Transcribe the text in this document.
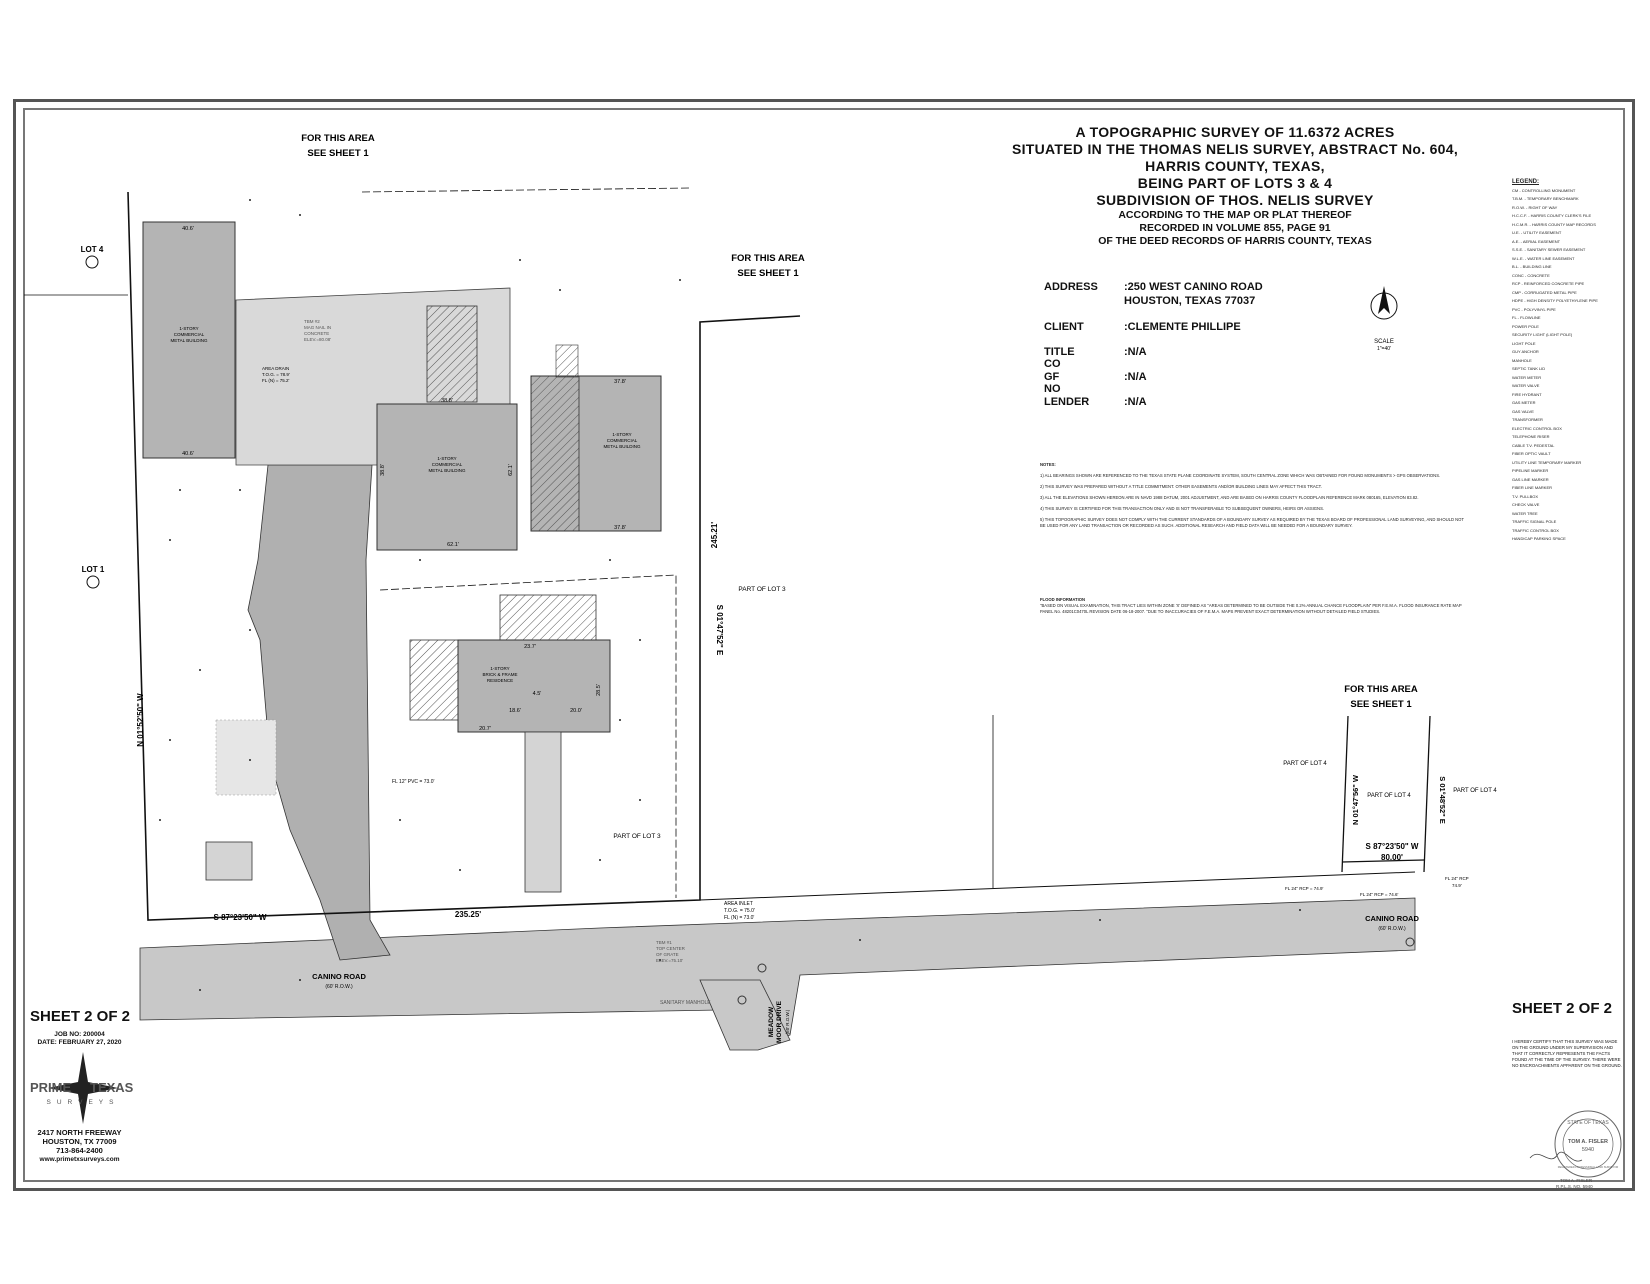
FOR THIS AREA
SEE SHEET 1
FOR THIS AREA
SEE SHEET 1
FOR THIS AREA
SEE SHEET 1
LOT 4
LOT 1
PART OF LOT 3
PART OF LOT 3
PART OF LOT 4
PART OF LOT 4
PART OF LOT 4
N 01°52'50" W
S 01°47'52" E
245.21'
S 87°23'50" W	235.25'
S 87°23'50" W
80.00'
N 01°47'56" W	S 01°48'52" E
CANINO ROAD
(60' R.O.W.)
CANINO ROAD
(60' R.O.W.)
MEADOW MOOR DRIVE (60' R.O.W.)
AREA INLET
T.O.G. = 75.0'
FL (N) = 73.0'
SANITARY MANHOLE
FL 12" PVC = 73.0'
FL 24" RCP = 74.9'
FL 24" RCP = 74.6'
FL 24" RCP
74.9'
AREA DRAIN
T.O.G. = 78.9'
FL (N) = 75.2'
TBM #2
MAG NAIL IN
CONCRETE
ELEV.=80.08'
TBM #1
TOP CENTER
OF GRATE
ELEV.=75.10'
1-STORY
COMMERCIAL
METAL BUILDING
1-STORY
COMMERCIAL
METAL BUILDING
1-STORY
COMMERCIAL
METAL BUILDING
1-STORY
BRICK & FRAME
RESIDENCE
40.6'
40.6'
38.8'
62.1'
37.8'
37.8'
23.7'
20.7'
18.6'
4.5'
20.0'
38.8'
28.5'
62.1'
SCALE
1"=40'
A TOPOGRAPHIC SURVEY OF 11.6372 ACRES
SITUATED IN THE THOMAS NELIS SURVEY, ABSTRACT No. 604,
HARRIS COUNTY, TEXAS,
BEING PART OF LOTS 3 & 4
SUBDIVISION OF THOS. NELIS SURVEY
ACCORDING TO THE MAP OR PLAT THEREOF
RECORDED IN VOLUME 855, PAGE 91
OF THE DEED RECORDS OF HARRIS COUNTY, TEXAS
ADDRESS :250 WEST CANINO ROAD
HOUSTON, TEXAS 77037
CLIENT	:CLEMENTE PHILLIPE
TITLE CO
:N/A
GF NO
:N/A
LENDER	:N/A

NOTES:

1) ALL BEARINGS SHOWN ARE REFERENCED TO THE TEXAS STATE PLANE COORDINATE SYSTEM, SOUTH CENTRAL ZONE WHICH WAS OBTAINED FOR FOUND MONUMENTS > GPS OBSERVATIONS.

2) THIS SURVEY WAS PREPARED WITHOUT A TITLE COMMITMENT. OTHER EASEMENTS AND/OR BUILDING LINES MAY AFFECT THIS TRACT.

3) ALL THE ELEVATIONS SHOWN HEREON ARE IN NAVD 1988 DATUM, 2001 ADJUSTMENT, AND ARE BASED ON HARRIS COUNTY FLOODPLAIN REFERENCE MARK 080165, ELEVATION 83.82.

4) THIS SURVEY IS CERTIFIED FOR THIS TRANSACTION ONLY AND IS NOT TRANSFERABLE TO SUBSEQUENT OWNERS, HEIRS OR ASSIGNS.

5) THIS TOPOGRAPHIC SURVEY DOES NOT COMPLY WITH THE CURRENT STANDARDS OF A BOUNDARY SURVEY AS REQUIRED BY THE TEXAS BOARD OF PROFESSIONAL LAND SURVEYING, AND SHOULD NOT BE USED FOR ANY LAND TRANSACTION OR RECORDED AS SUCH. ADDITIONAL RESEARCH AND FIELD DATA WILL BE NEEDED FOR A BOUNDARY SURVEY.

FLOOD INFORMATION
"BASED ON VISUAL EXAMINATION, THIS TRACT LIES WITHIN ZONE 'X' DEFINED AS "AREAS DETERMINED TO BE OUTSIDE THE 0.2% ANNUAL CHANCE FLOODPLAIN" PER F.E.M.A. FLOOD INSURANCE RATE MAP PANEL No. 48201C0470L REVISION DATE 06-18-2007. "DUE TO INACCURACIES OF F.E.M.A. MAPS PREVENT EXACT DETERMINATION WITHOUT DETAILED FIELD STUDIES.
LEGEND:
CM - CONTROLLING MONUMENT
T.B.M. - TEMPORARY BENCHMARK
R.O.W. - RIGHT OF WAY
H.C.C.F. - HARRIS COUNTY CLERK'S FILE
H.C.M.R. - HARRIS COUNTY MAP RECORDS
U.E. - UTILITY EASEMENT
A.E. - AERIAL EASEMENT
S.S.E. - SANITARY SEWER EASEMENT
W.L.E. - WATER LINE EASEMENT
B.L. - BUILDING LINE
CONC - CONCRETE
RCP - REINFORCED CONCRETE PIPE
CMP - CORRUGATED METAL PIPE
HDPE - HIGH DENSITY POLYETHYLENE PIPE
PVC - POLYVINYL PIPE
FL - FLOWLINE
POWER POLE
SECURITY LIGHT (LIGHT POLE)
LIGHT POLE
GUY ANCHOR
MANHOLE
SEPTIC TANK LID
WATER METER
WATER VALVE
FIRE HYDRANT
GAS METER
GAS VALVE
TRANSFORMER
ELECTRIC CONTROL BOX
TELEPHONE RISER
CABLE T.V. PEDESTAL
FIBER OPTIC VAULT
UTILITY LINE TEMPORARY MARKER
PIPELINE MARKER
GAS LINE MARKER
FIBER LINE MARKER
T.V. PULLBOX
CHECK VALVE
WATER TREE
TRAFFIC SIGNAL POLE
TRAFFIC CONTROL BOX
HANDICAP PARKING SPACE
SHEET 2 OF 2	SHEET 2 OF 2
JOB NO: 200004
DATE: FEBRUARY 27, 2020
PRIME TEXAS
SURVEYS
2417 NORTH FREEWAY
HOUSTON, TX 77009
713-864-2400
www.primetxsurveys.com
I HEREBY CERTIFY THAT THIS SURVEY WAS MADE ON THE GROUND UNDER MY SUPERVISION AND THAT IT CORRECTLY REPRESENTS THE FACTS FOUND AT THE TIME OF THE SURVEY. THERE WERE NO ENCROACHMENTS APPARENT ON THE GROUND.
STATE OF TEXAS
TOM A. FISLER
5940
REGISTERED PROFESSIONAL LAND SURVEYOR
TOM A. FISLER
R.P.L.S. NO. 5940
